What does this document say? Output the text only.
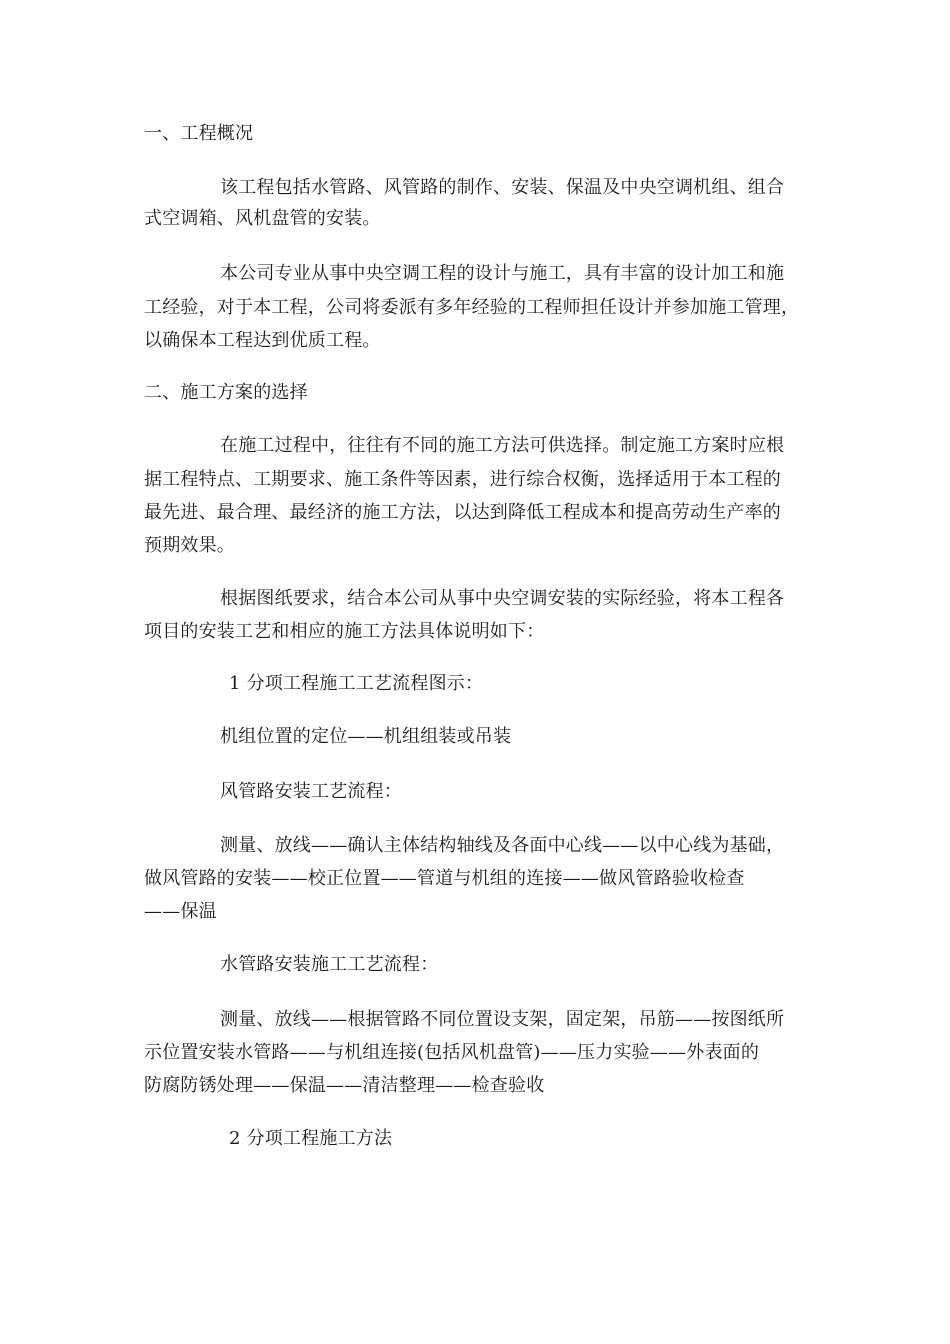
一、工程概况

该工程包括水管路、风管路的制作、安装、保温及中央空调机组、组合

式空调箱、风机盘管的安装。

本公司专业从事中央空调工程的设计与施工，具有丰富的设计加工和施

工经验，对于本工程，公司将委派有多年经验的工程师担任设计并参加施工管理，

以确保本工程达到优质工程。

二、施工方案的选择

在施工过程中，往往有不同的施工方法可供选择。制定施工方案时应根

据工程特点、工期要求、施工条件等因素，进行综合权衡，选择适用于本工程的

最先进、最合理、最经济的施工方法，以达到降低工程成本和提高劳动生产率的

预期效果。

根据图纸要求，结合本公司从事中央空调安装的实际经验，将本工程各

项目的安装工艺和相应的施工方法具体说明如下：

1 分项工程施工工艺流程图示：

机组位置的定位——机组组装或吊装

风管路安装工艺流程：

测量、放线——确认主体结构轴线及各面中心线——以中心线为基础，

做风管路的安装——校正位置——管道与机组的连接——做风管路验收检查

——保温

水管路安装施工工艺流程：

测量、放线——根据管路不同位置设支架，固定架，吊筋——按图纸所

示位置安装水管路——与机组连接(包括风机盘管)——压力实验——外表面的

防腐防锈处理——保温——清洁整理——检查验收

2 分项工程施工方法
